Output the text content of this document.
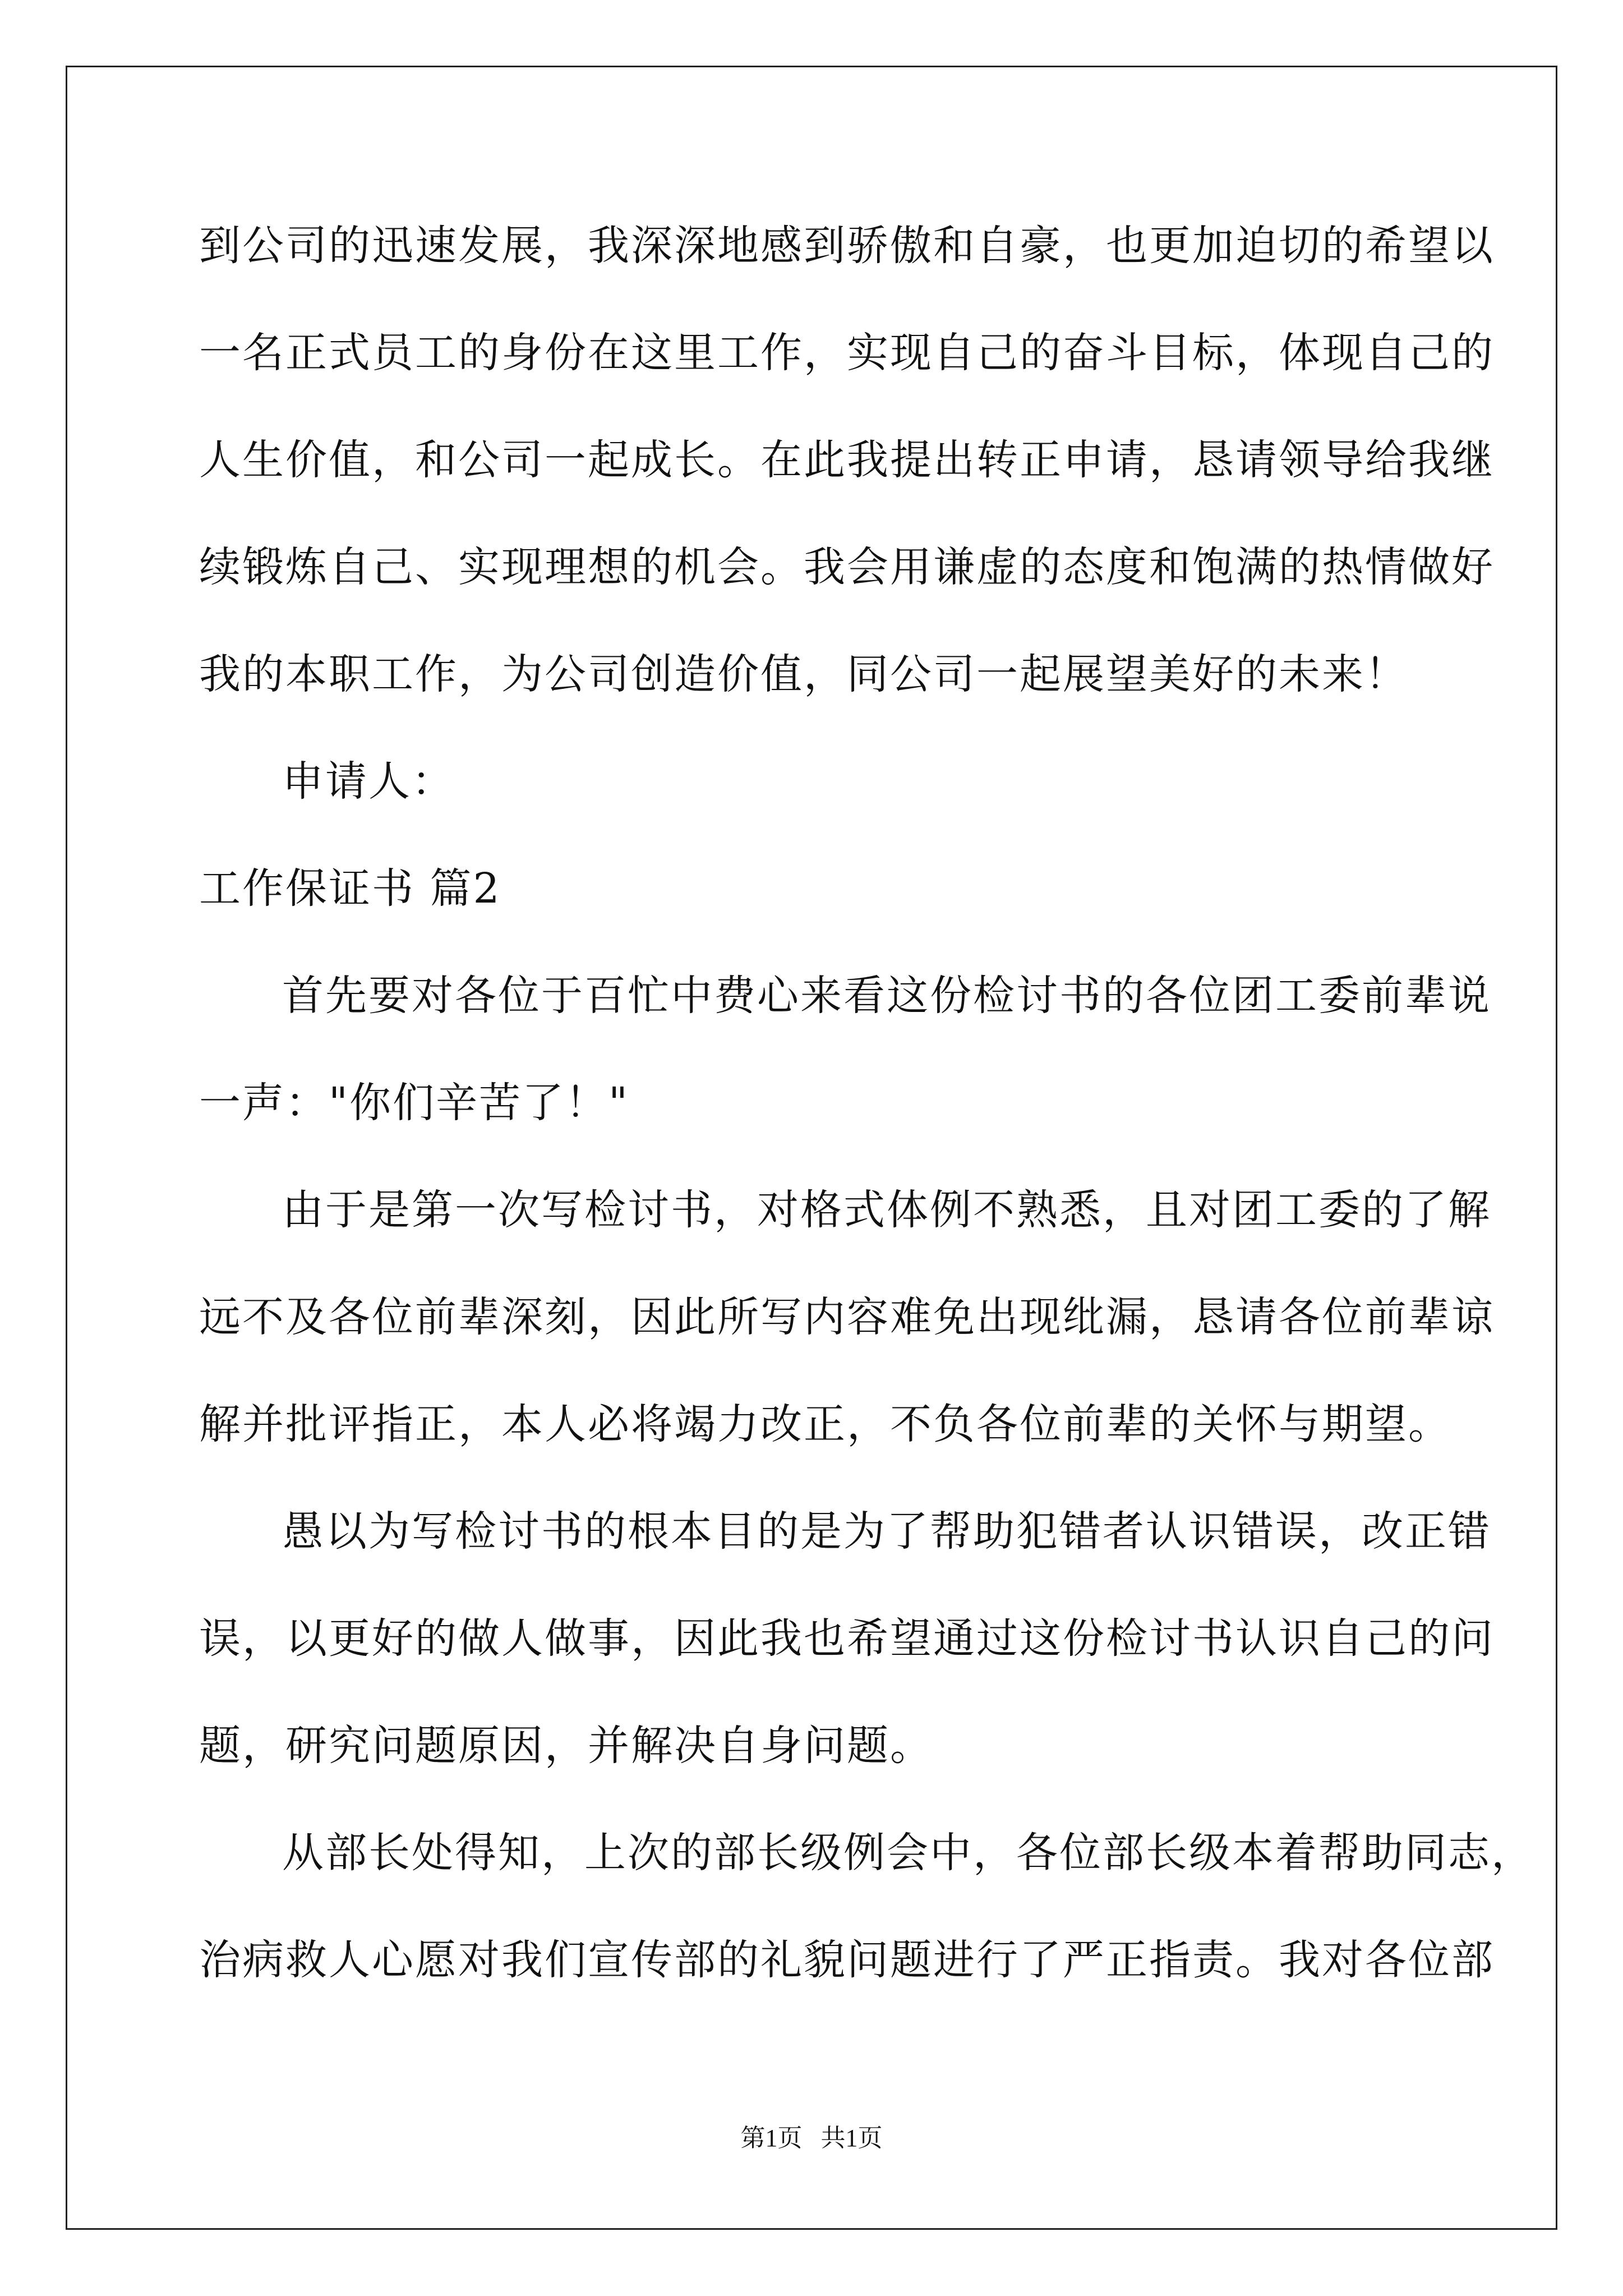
到公司的迅速发展，我深深地感到骄傲和自豪，也更加迫切的希望以
一名正式员工的身份在这里工作，实现自己的奋斗目标，体现自己的
人生价值，和公司一起成长。在此我提出转正申请，恳请领导给我继
续锻炼自己、实现理想的机会。我会用谦虚的态度和饱满的热情做好
我的本职工作，为公司创造价值，同公司一起展望美好的未来！
申请人：
工作保证书 篇2
首先要对各位于百忙中费心来看这份检讨书的各位团工委前辈说
一声："你们辛苦了！"
由于是第一次写检讨书，对格式体例不熟悉，且对团工委的了解
远不及各位前辈深刻，因此所写内容难免出现纰漏，恳请各位前辈谅
解并批评指正，本人必将竭力改正，不负各位前辈的关怀与期望。
愚以为写检讨书的根本目的是为了帮助犯错者认识错误，改正错
误，以更好的做人做事，因此我也希望通过这份检讨书认识自己的问
题，研究问题原因，并解决自身问题。
从部长处得知，上次的部长级例会中，各位部长级本着帮助同志，
治病救人心愿对我们宣传部的礼貌问题进行了严正指责。我对各位部
第1页   共1页
